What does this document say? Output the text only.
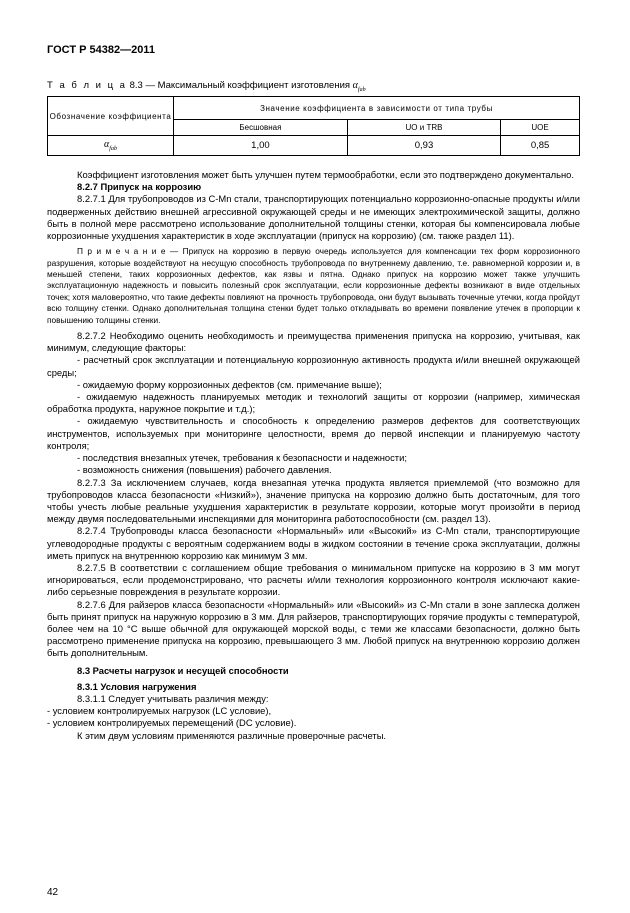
ГОСТ Р 54382—2011
Т а б л и ц а 8.3 — Максимальный коэффициент изготовления $\alpha_{fab}$
Обозначение коэффициента	Значение коэффициента в зависимости от типа трубы		
	Бесшовная	UO и TRB	UOE
$\alpha_{fab}$	1,00	0,93	0,85

Коэффициент изготовления может быть улучшен путем термообработки, если это подтверждено документально.

8.2.7 Припуск на коррозию

8.2.7.1 Для трубопроводов из C-Mn стали, транспортирующих потенциально коррозионно-опасные продукты и/или подверженных действию внешней агрессивной окружающей среды и не имеющих электрохимической защиты, должно быть в полной мере рассмотрено использование дополнительной толщины стенки, которая бы компенсировала любые коррозионные ухудшения характеристик в ходе эксплуатации (припуск на коррозию) (см. также раздел 11).

П р и м е ч а н и е — Припуск на коррозию в первую очередь используется для компенсации тех форм коррозионного разрушения, которые воздействуют на несущую способность трубопровода по внутреннему давлению, т.е. равномерной коррозии и, в меньшей степени, таких коррозионных дефектов, как язвы и пятна. Однако припуск на коррозию может также улучшить эксплуатационную надежность и повысить полезный срок эксплуатации, если коррозионные дефекты возникают в виде отдельных точек; хотя маловероятно, что такие дефекты повлияют на прочность трубопровода, они будут вызывать точечные утечки, когда пройдут всю толщину стенки. Однако дополнительная толщина стенки будет только откладывать во времени появление утечек в пропорции к повышению толщины стенки.

8.2.7.2 Необходимо оценить необходимость и преимущества применения припуска на коррозию, учитывая, как минимум, следующие факторы:

- расчетный срок эксплуатации и потенциальную коррозионную активность продукта и/или внешней окружающей среды;

- ожидаемую форму коррозионных дефектов (см. примечание выше);

- ожидаемую надежность планируемых методик и технологий защиты от коррозии (например, химическая обработка продукта, наружное покрытие и т.д.);

- ожидаемую чувствительность и способность к определению размеров дефектов для соответствующих инструментов, используемых при мониторинге целостности, время до первой инспекции и планируемую частоту контроля;

- последствия внезапных утечек, требования к безопасности и надежности;

- возможность снижения (повышения) рабочего давления.

8.2.7.3 За исключением случаев, когда внезапная утечка продукта является приемлемой (что возможно для трубопроводов класса безопасности «Низкий»), значение припуска на коррозию должно быть достаточным, для того чтобы учесть любые реальные ухудшения характеристик в результате коррозии, которые могут произойти в период между двумя последовательными инспекциями для мониторинга работоспособности (см. раздел 13).

8.2.7.4 Трубопроводы класса безопасности «Нормальный» или «Высокий» из C-Mn стали, транспортирующие углеводородные продукты с вероятным содержанием воды в жидком состоянии в течение срока эксплуатации, должны иметь припуск на внутреннюю коррозию как минимум 3 мм.

8.2.7.5 В соответствии с соглашением общие требования о минимальном припуске на коррозию в 3 мм могут игнорироваться, если продемонстрировано, что расчеты и/или технология коррозионного контроля исключают какие-либо серьезные повреждения в результате коррозии.

8.2.7.6 Для райзеров класса безопасности «Нормальный» или «Высокий» из C-Mn стали в зоне заплеска должен быть принят припуск на наружную коррозию в 3 мм. Для райзеров, транспортирующих горячие продукты с температурой, более чем на 10 °С выше обычной для окружающей морской воды, с теми же классами безопасности, должно быть рассмотрено применение припуска на коррозию, превышающего 3 мм. Любой припуск на внутреннюю коррозию должен быть дополнительным.

8.3 Расчеты нагрузок и несущей способности

8.3.1 Условия нагружения

8.3.1.1 Следует учитывать различия между:

- условием контролируемых нагрузок (LC условие),

- условием контролируемых перемещений (DC условие).

К этим двум условиям применяются различные проверочные расчеты.

42
